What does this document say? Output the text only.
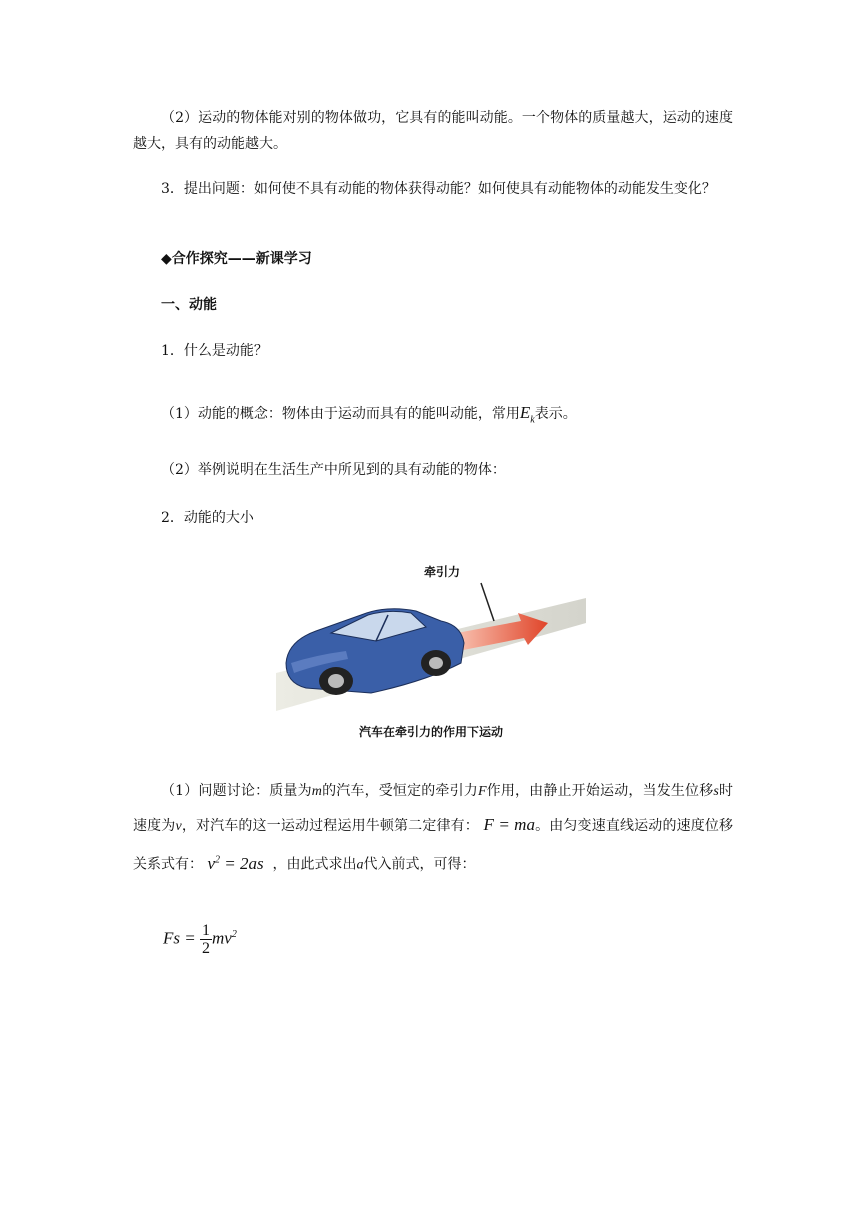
（2）运动的物体能对别的物体做功，它具有的能叫动能。一个物体的质量越大，运动的速度越大，具有的动能越大。
3．提出问题：如何使不具有动能的物体获得动能？如何使具有动能物体的动能发生变化？
◆合作探究——新课学习
一、动能
1．什么是动能？
（1）动能的概念：物体由于运动而具有的能叫动能，常用$E_k$表示。
（2）举例说明在生活生产中所见到的具有动能的物体：
2．动能的大小
牵引力
汽车在牵引力的作用下运动
（1）问题讨论：质量为m的汽车，受恒定的牵引力F作用，由静止开始运动，当发生位移s时速度为v，对汽车的这一运动过程运用牛顿第二定律有： F = ma。由匀变速直线运动的速度位移关系式有： $v^2 = 2as$ ，由此式求出a代入前式，可得：
$Fs = \frac{1}{2} mv^2$
